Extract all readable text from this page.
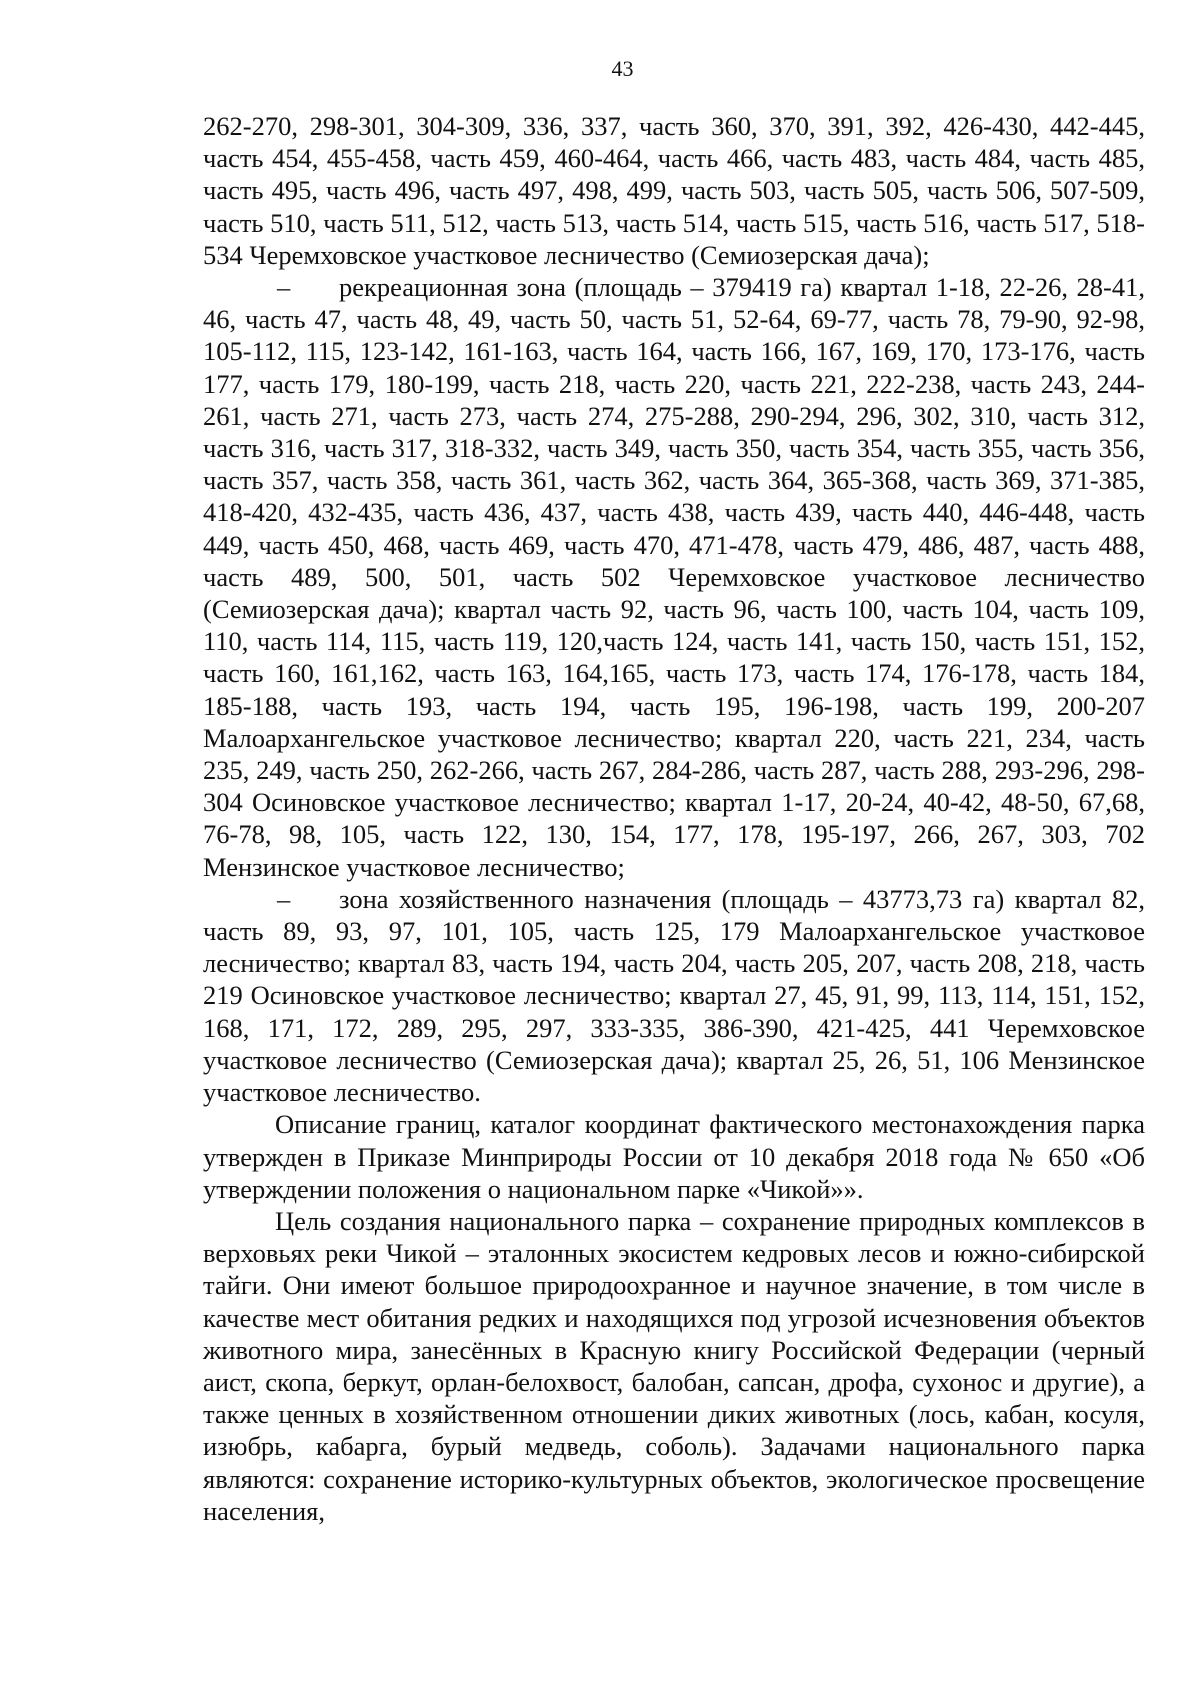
43

262-270, 298-301, 304-309, 336, 337, часть 360, 370, 391, 392, 426-430, 442-445, часть 454, 455-458, часть 459, 460-464, часть 466, часть 483, часть 484, часть 485, часть 495, часть 496, часть 497, 498, 499, часть 503, часть 505, часть 506, 507-509, часть 510, часть 511, 512, часть 513, часть 514, часть 515, часть 516, часть 517, 518-534 Черемховское участковое лесничество (Семиозерская дача);

– рекреационная зона (площадь – 379419 га) квартал 1-18, 22-26, 28-41, 46, часть 47, часть 48, 49, часть 50, часть 51, 52-64, 69-77, часть 78, 79-90, 92-98, 105-112, 115, 123-142, 161-163, часть 164, часть 166, 167, 169, 170, 173-176, часть 177, часть 179, 180-199, часть 218, часть 220, часть 221, 222-238, часть 243, 244-261, часть 271, часть 273, часть 274, 275-288, 290-294, 296, 302, 310, часть 312, часть 316, часть 317, 318-332, часть 349, часть 350, часть 354, часть 355, часть 356, часть 357, часть 358, часть 361, часть 362, часть 364, 365-368, часть 369, 371-385, 418-420, 432-435, часть 436, 437, часть 438, часть 439, часть 440, 446-448, часть 449, часть 450, 468, часть 469, часть 470, 471-478, часть 479, 486, 487, часть 488, часть 489, 500, 501, часть 502 Черемховское участковое лесничество (Семиозерская дача); квартал часть 92, часть 96, часть 100, часть 104, часть 109, 110, часть 114, 115, часть 119, 120,часть 124, часть 141, часть 150, часть 151, 152, часть 160, 161,162, часть 163, 164,165, часть 173, часть 174, 176-178, часть 184, 185-188, часть 193, часть 194, часть 195, 196-198, часть 199, 200-207 Малоархангельское участковое лесничество; квартал 220, часть 221, 234, часть 235, 249, часть 250, 262-266, часть 267, 284-286, часть 287, часть 288, 293-296, 298-304 Осиновское участковое лесничество; квартал 1-17, 20-24, 40-42, 48-50, 67,68, 76-78, 98, 105, часть 122, 130, 154, 177, 178, 195-197, 266, 267, 303, 702 Мензинское участковое лесничество;

– зона хозяйственного назначения (площадь – 43773,73 га) квартал 82, часть 89, 93, 97, 101, 105, часть 125, 179 Малоархангельское участковое лесничество; квартал 83, часть 194, часть 204, часть 205, 207, часть 208, 218, часть 219 Осиновское участковое лесничество; квартал 27, 45, 91, 99, 113, 114, 151, 152, 168, 171, 172, 289, 295, 297, 333-335, 386-390, 421-425, 441 Черемховское участковое лесничество (Семиозерская дача); квартал 25, 26, 51, 106 Мензинское участковое лесничество.

Описание границ, каталог координат фактического местонахождения парка утвержден в Приказе Минприроды России от 10 декабря 2018 года № 650 «Об утверждении положения о национальном парке «Чикой»».

Цель создания национального парка – сохранение природных комплексов в верховьях реки Чикой – эталонных экосистем кедровых лесов и южно-сибирской тайги. Они имеют большое природоохранное и научное значение, в том числе в качестве мест обитания редких и находящихся под угрозой исчезновения объектов животного мира, занесённых в Красную книгу Российской Федерации (черный аист, скопа, беркут, орлан-белохвост, балобан, сапсан, дрофа, сухонос и другие), а также ценных в хозяйственном отношении диких животных (лось, кабан, косуля, изюбрь, кабарга, бурый медведь, соболь). Задачами национального парка являются: сохранение историко-культурных объектов, экологическое просвещение населения,
